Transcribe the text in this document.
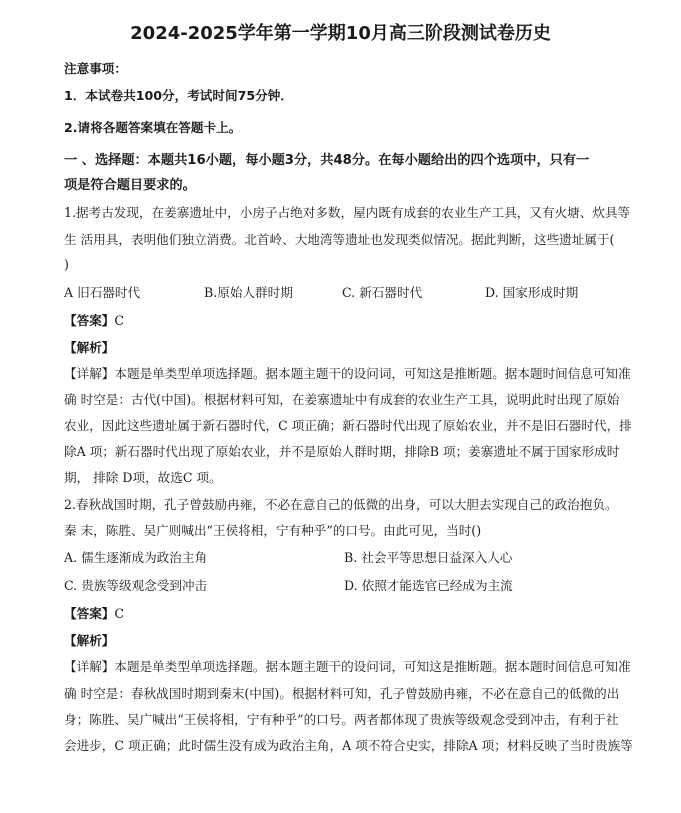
2024-2025学年第一学期10月高三阶段测试卷历史
注意事项：
1．本试卷共100分，考试时间75分钟．
2.请将各题答案填在答题卡上。
一 、选择题：本题共16小题，每小题3分，共48分。在每小题给出的四个选项中，只有一
项是符合题目要求的。
1.据考古发现，在姜寨遗址中，小房子占绝对多数，屋内既有成套的农业生产工具，又有火塘、炊具等
生 活用具，表明他们独立消费。北首岭、大地湾等遗址也发现类似情况。据此判断，这些遗址属于(
)
A 旧石器时代	B.原始人群时期	C. 新石器时代	D. 国家形成时期
【答案】C
【解析】
【详解】本题是单类型单项选择题。据本题主题干的设问词，可知这是推断题。据本题时间信息可知准
确 时空是：古代(中国)。根据材料可知，在姜寨遗址中有成套的农业生产工具，说明此时出现了原始
农业，因此这些遗址属于新石器时代，C 项正确；新石器时代出现了原始农业，并不是旧石器时代，排
除A 项；新石器时代出现了原始农业，并不是原始人群时期，排除B 项；姜寨遗址不属于国家形成时
期， 排除 D项，故选C 项。
2.春秋战国时期，孔子曾鼓励冉雍，不必在意自己的低微的出身，可以大胆去实现自己的政治抱负。
秦 末，陈胜、吴广则喊出“王侯将相，宁有种乎”的口号。由此可见，当时()
A. 儒生逐渐成为政治主角	B. 社会平等思想日益深入人心
C. 贵族等级观念受到冲击	D. 依照才能选官已经成为主流
【答案】C
【解析】
【详解】本题是单类型单项选择题。据本题主题干的设问词，可知这是推断题。据本题时间信息可知准
确 时空是：春秋战国时期到秦末(中国)。根据材料可知，孔子曾鼓励冉雍，不必在意自己的低微的出
身；陈胜、吴广喊出“王侯将相，宁有种乎”的口号。两者都体现了贵族等级观念受到冲击，有利于社
会进步，C 项正确；此时儒生没有成为政治主角，A 项不符合史实，排除A 项；材料反映了当时贵族等
